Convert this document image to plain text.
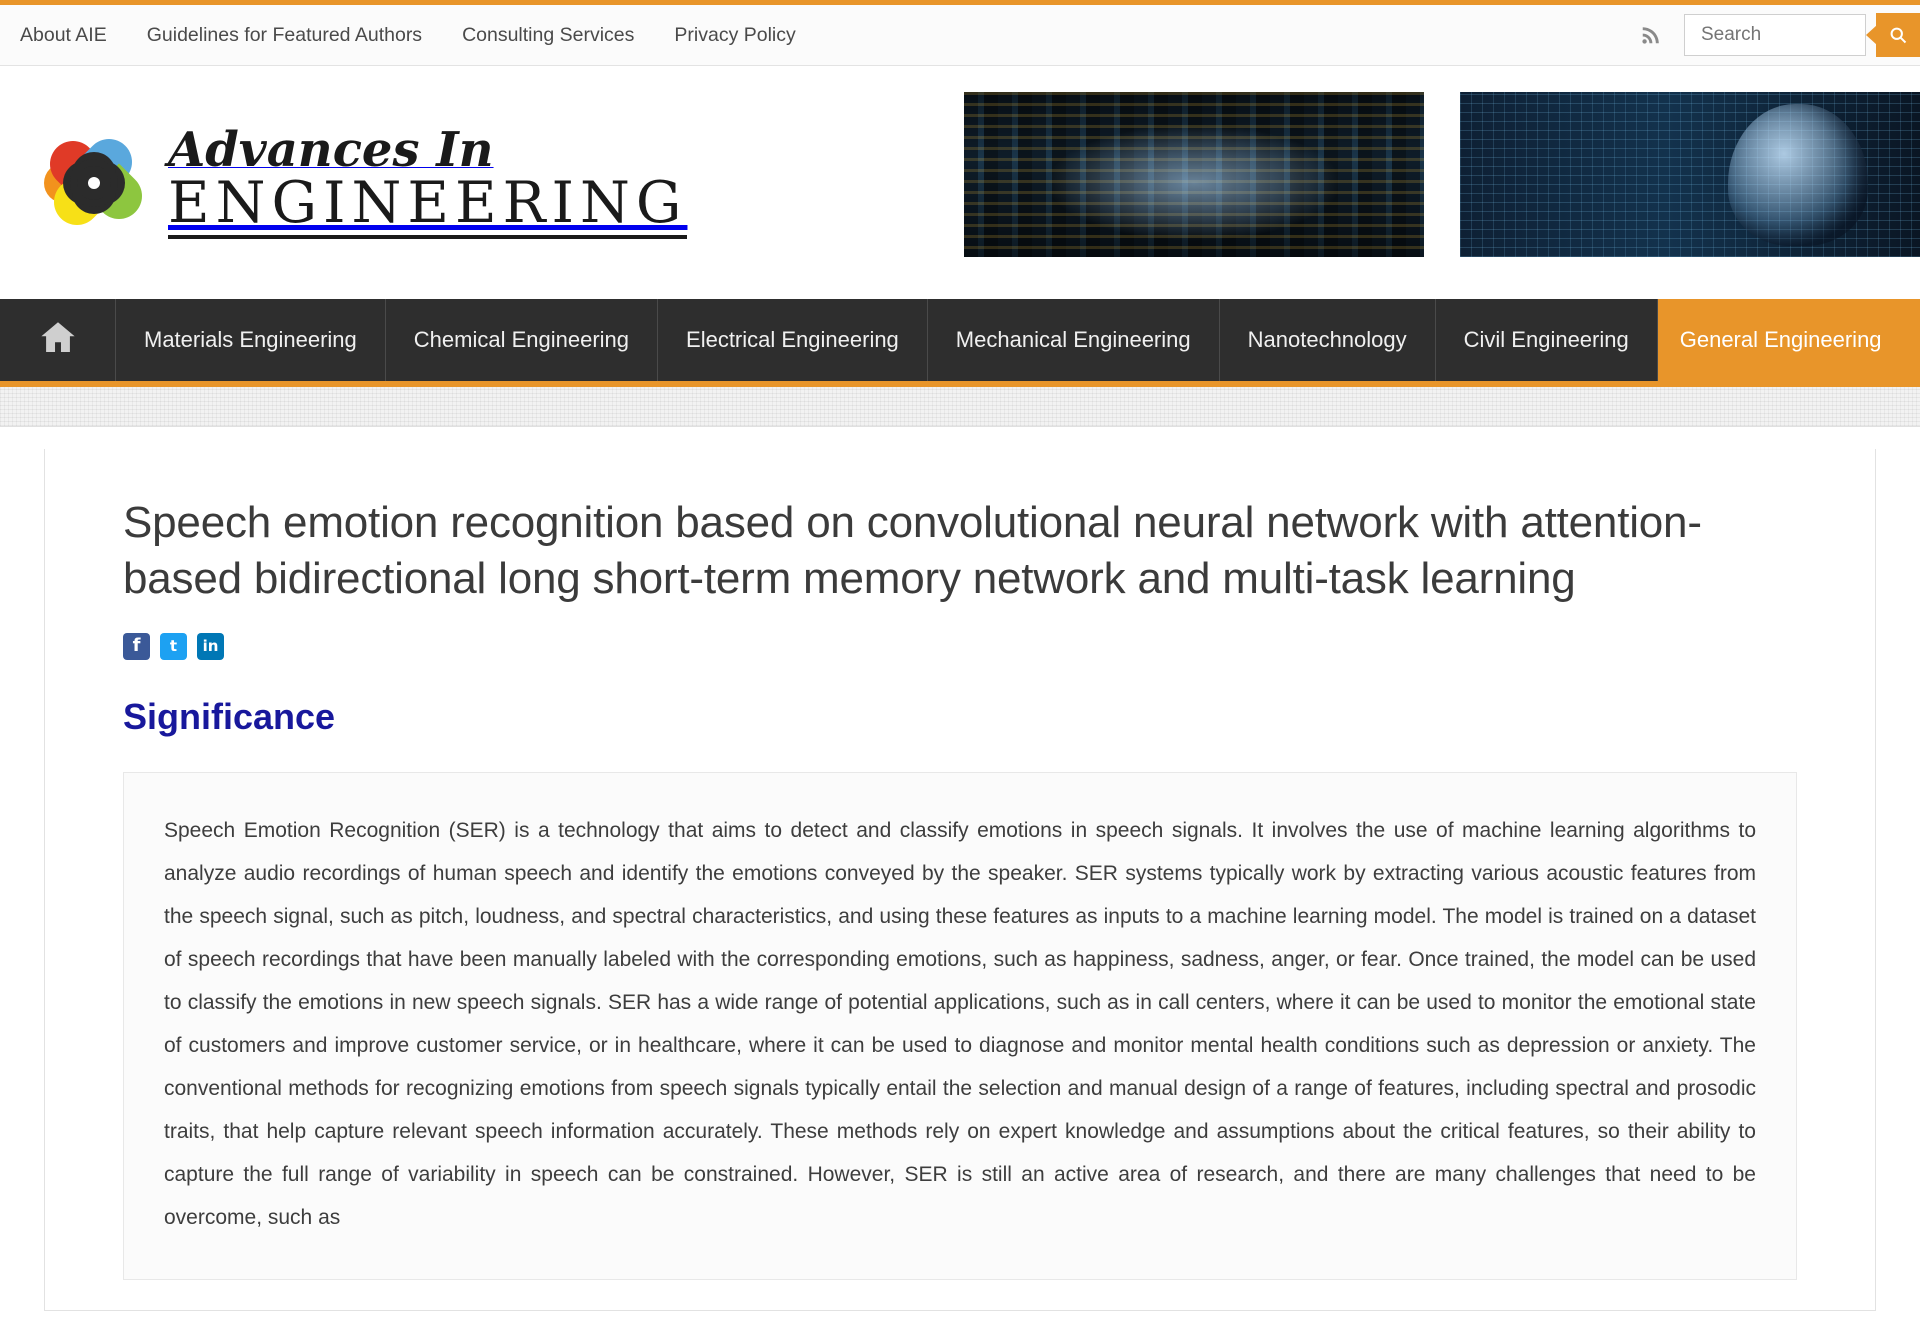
About AIE	Guidelines for Featured Authors	Consulting Services	Privacy Policy
Search
Advances In
ENGINEERING
Materials Engineering	Chemical Engineering	Electrical Engineering	Mechanical Engineering	Nanotechnology	Civil Engineering	General Engineering
Speech emotion recognition based on convolutional neural network with attention-based bidirectional long short-term memory network and multi-task learning
f	t	in
Significance

Speech Emotion Recognition (SER) is a technology that aims to detect and classify emotions in speech signals. It involves the use of machine learning algorithms to analyze audio recordings of human speech and identify the emotions conveyed by the speaker. SER systems typically work by extracting various acoustic features from the speech signal, such as pitch, loudness, and spectral characteristics, and using these features as inputs to a machine learning model. The model is trained on a dataset of speech recordings that have been manually labeled with the corresponding emotions, such as happiness, sadness, anger, or fear. Once trained, the model can be used to classify the emotions in new speech signals. SER has a wide range of potential applications, such as in call centers, where it can be used to monitor the emotional state of customers and improve customer service, or in healthcare, where it can be used to diagnose and monitor mental health conditions such as depression or anxiety. The conventional methods for recognizing emotions from speech signals typically entail the selection and manual design of a range of features, including spectral and prosodic traits, that help capture relevant speech information accurately. These methods rely on expert knowledge and assumptions about the critical features, so their ability to capture the full range of variability in speech can be constrained. However, SER is still an active area of research, and there are many challenges that need to be overcome, such as
